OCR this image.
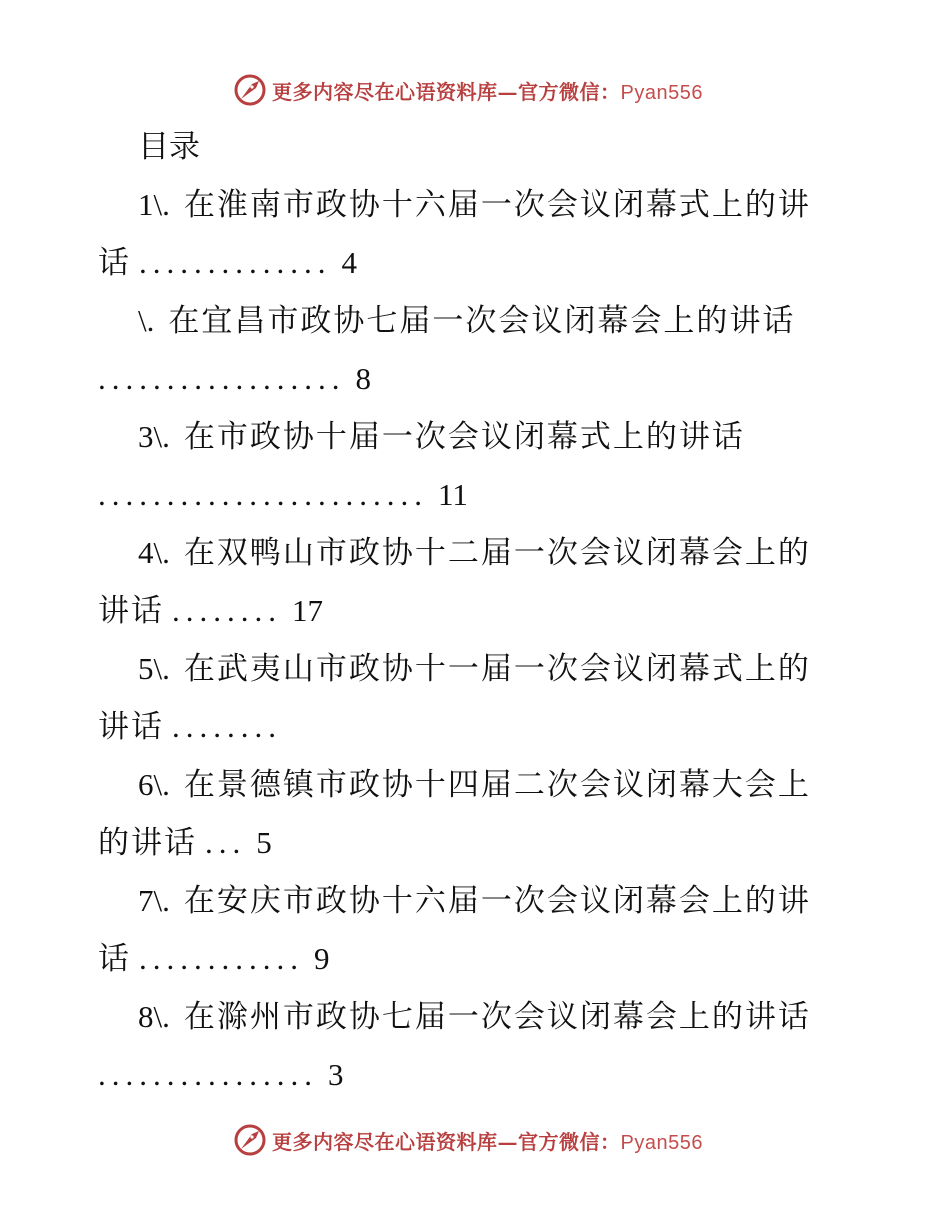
更多内容尽在心语资料库—官方微信：Pyan556
目录
1\. 在淮南市政协十六届一次会议闭幕式上的讲
话 .............. 4
\. 在宜昌市政协七届一次会议闭幕会上的讲话
.................. 8
3\. 在市政协十届一次会议闭幕式上的讲话
........................ 11
4\. 在双鸭山市政协十二届一次会议闭幕会上的
讲话 ........ 17
5\. 在武夷山市政协十一届一次会议闭幕式上的
讲话 ........
6\. 在景德镇市政协十四届二次会议闭幕大会上
的讲话 ... 5
7\. 在安庆市政协十六届一次会议闭幕会上的讲
话 ............ 9
8\. 在滁州市政协七届一次会议闭幕会上的讲话
................ 3
更多内容尽在心语资料库—官方微信：Pyan556
